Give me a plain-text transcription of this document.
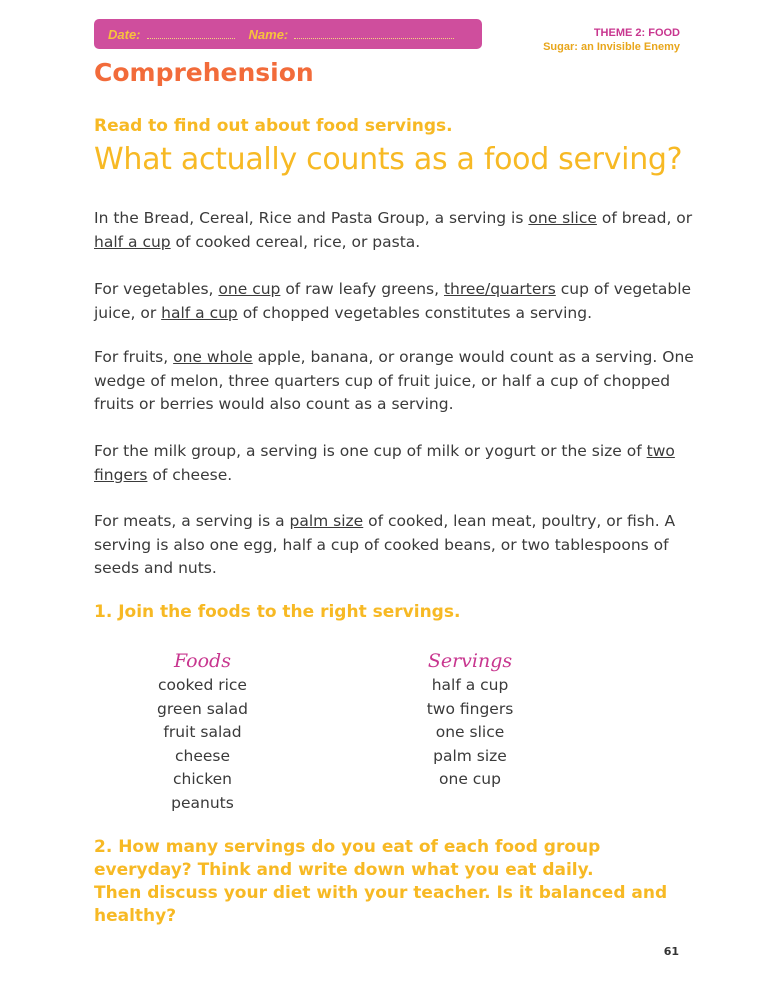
Date:	Name:	THEME 2: FOOD
Sugar: an Invisible Enemy
Comprehension

Read to find out about food servings.

What actually counts as a food serving?

In the Bread, Cereal, Rice and Pasta Group, a serving is one slice of bread, or half a cup of cooked cereal, rice, or pasta.

For vegetables, one cup of raw leafy greens, three/quarters cup of vegetable juice, or half a cup of chopped vegetables constitutes a serving.

For fruits, one whole apple, banana, or orange would count as a serving. One wedge of melon, three quarters cup of fruit juice, or half a cup of chopped fruits or berries would also count as a serving.

For the milk group, a serving is one cup of milk or yogurt or the size of two fingers of cheese.

For meats, a serving is a palm size of cooked, lean meat, poultry, or fish. A serving is also one egg, half a cup of cooked beans, or two tablespoons of seeds and nuts.

1. Join the foods to the right servings.

Foods
cooked rice
green salad
fruit salad
cheese
chicken
peanuts
Servings
half a cup
two fingers
one slice
palm size
one cup
2. How many servings do you eat of each food group everyday? Think and write down what you eat daily.
Then discuss your diet with your teacher. Is it balanced and healthy?
61
